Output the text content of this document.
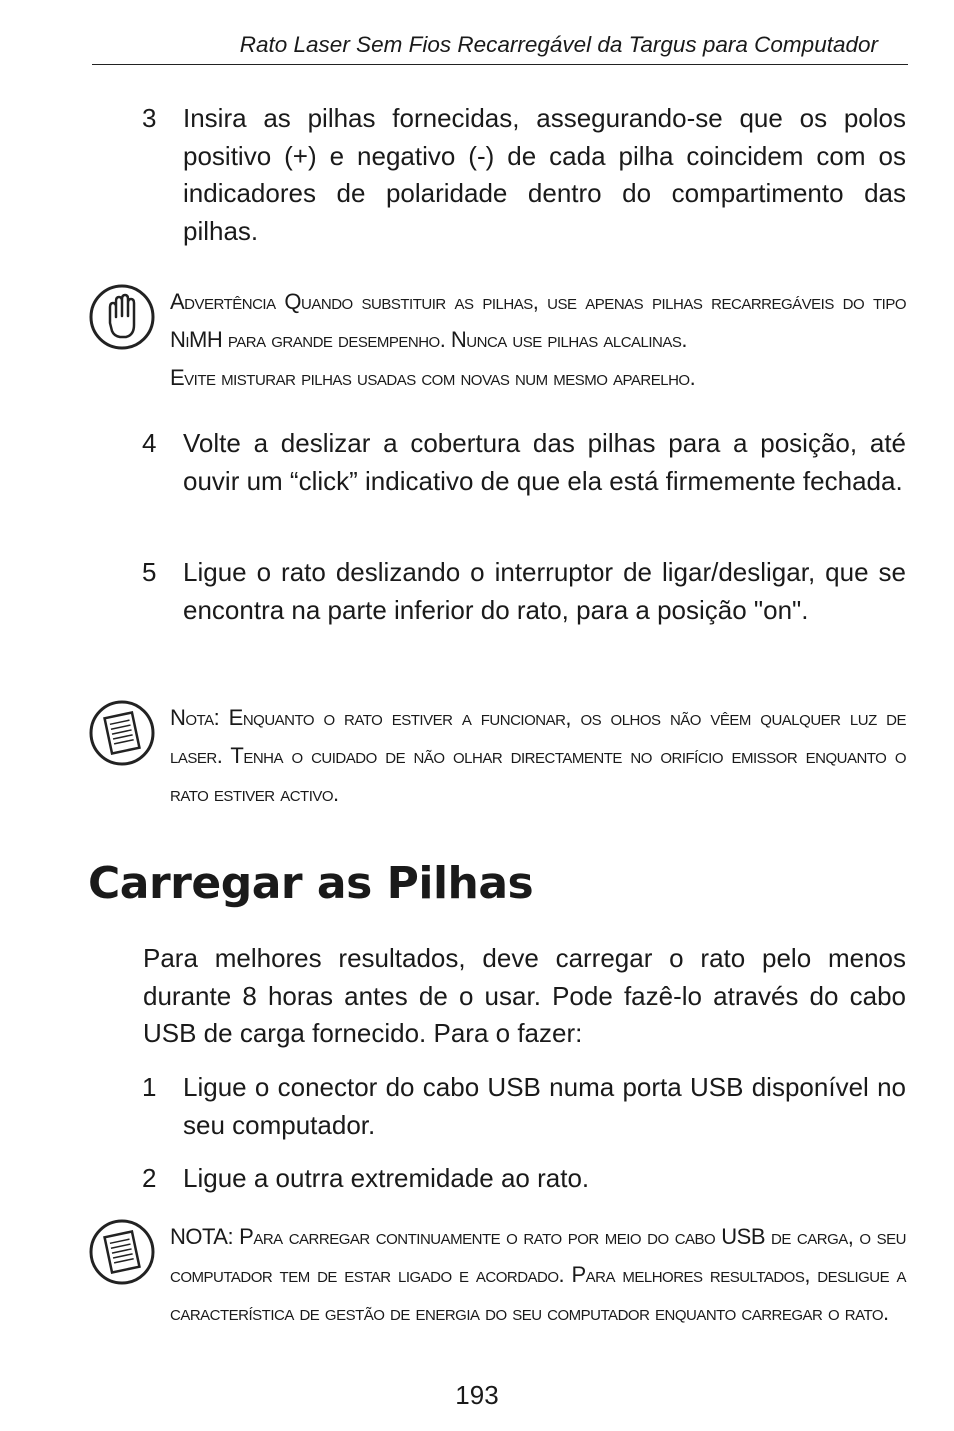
Rato Laser Sem Fios Recarregável da Targus para Computador
3	Insira as pilhas fornecidas, assegurando-se que os polos positivo (+) e negativo (-) de cada pilha coincidem com os indicadores de polaridade dentro do compartimento das pilhas.
Advertência Quando substituir as pilhas, use apenas pilhas recarregáveis do tipo NiMH para grande desempenho. Nunca use pilhas alcalinas.
Evite misturar pilhas usadas com novas num mesmo aparelho.
4	Volte a deslizar a cobertura das pilhas para a posição, até ouvir um “click” indicativo de que ela está firmemente fechada.
5	Ligue o rato deslizando o interruptor de ligar/desligar, que se encontra na parte inferior do rato, para a posição "on".
Nota: Enquanto o rato estiver a funcionar, os olhos não vêem qualquer luz de laser. Tenha o cuidado de não olhar directamente no orifício emissor enquanto o rato estiver activo.
Carregar as Pilhas
Para melhores resultados, deve carregar o rato pelo menos durante 8 horas antes de o usar. Pode fazê-lo através do cabo USB de carga fornecido. Para o fazer:
1	Ligue o conector do cabo USB numa porta USB disponível no seu computador.
2	Ligue a outrra extremidade ao rato.
NOTA: Para carregar continuamente o rato por meio do cabo USB de carga, o seu computador tem de estar ligado e acordado. Para melhores resultados, desligue a característica de gestão de energia do seu computador enquanto carregar o rato.
193
